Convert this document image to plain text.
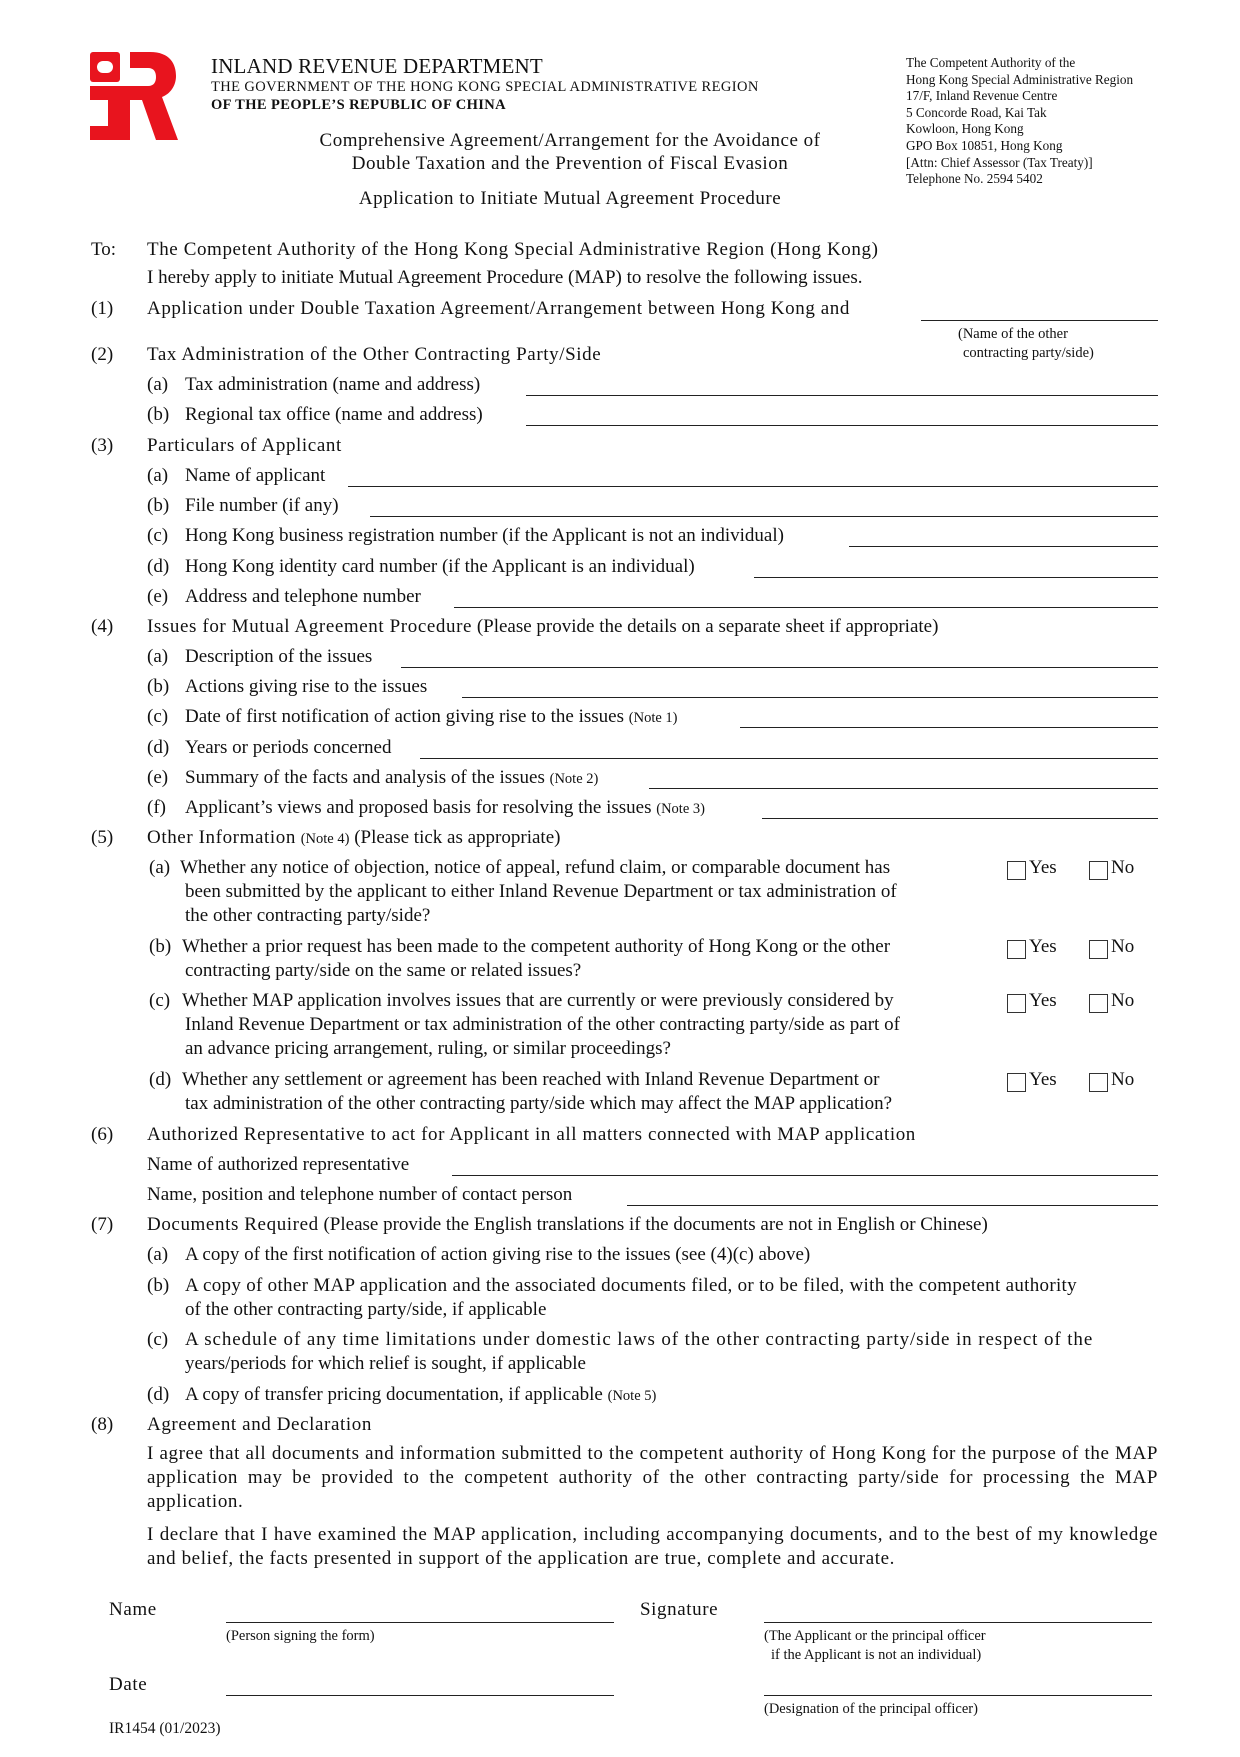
INLAND REVENUE DEPARTMENT
THE GOVERNMENT OF THE HONG KONG SPECIAL ADMINISTRATIVE REGION
OF THE PEOPLE’S REPUBLIC OF CHINA
The Competent Authority of the
Hong Kong Special Administrative Region
17/F, Inland Revenue Centre
5 Concorde Road, Kai Tak
Kowloon, Hong Kong
GPO Box 10851, Hong Kong
[Attn: Chief Assessor (Tax Treaty)]
Telephone No. 2594 5402
Comprehensive Agreement/Arrangement for the Avoidance of
Double Taxation and the Prevention of Fiscal Evasion
Application to Initiate Mutual Agreement Procedure
To: The Competent Authority of the Hong Kong Special Administrative Region (Hong Kong)
I hereby apply to initiate Mutual Agreement Procedure (MAP) to resolve the following issues.
(1) Application under Double Taxation Agreement/Arrangement between Hong Kong and
(Name of the other
contracting party/side)
(2) Tax Administration of the Other Contracting Party/Side
(a) Tax administration (name and address)
(b) Regional tax office (name and address)
(3) Particulars of Applicant
(a) Name of applicant
(b) File number (if any)
(c) Hong Kong business registration number (if the Applicant is not an individual)
(d) Hong Kong identity card number (if the Applicant is an individual)
(e) Address and telephone number
(4) Issues for Mutual Agreement Procedure (Please provide the details on a separate sheet if appropriate)
(a) Description of the issues
(b) Actions giving rise to the issues
(c) Date of first notification of action giving rise to the issues (Note 1)
(d) Years or periods concerned
(e) Summary of the facts and analysis of the issues (Note 2)
(f) Applicant’s views and proposed basis for resolving the issues (Note 3)
(5) Other Information (Note 4) (Please tick as appropriate)
(a) Whether any notice of objection, notice of appeal, refund claim, or comparable document has
been submitted by the applicant to either Inland Revenue Department or tax administration of
the other contracting party/side?
Yes	No
(b) Whether a prior request has been made to the competent authority of Hong Kong or the other
contracting party/side on the same or related issues?
Yes	No
(c) Whether MAP application involves issues that are currently or were previously considered by
Inland Revenue Department or tax administration of the other contracting party/side as part of
an advance pricing arrangement, ruling, or similar proceedings?
Yes	No
(d) Whether any settlement or agreement has been reached with Inland Revenue Department or
tax administration of the other contracting party/side which may affect the MAP application?
Yes	No
(6) Authorized Representative to act for Applicant in all matters connected with MAP application
Name of authorized representative
Name, position and telephone number of contact person
(7) Documents Required (Please provide the English translations if the documents are not in English or Chinese)
(a) A copy of the first notification of action giving rise to the issues (see (4)(c) above)
(b) A copy of other MAP application and the associated documents filed, or to be filed, with the competent authority
of the other contracting party/side, if applicable
(c) A schedule of any time limitations under domestic laws of the other contracting party/side in respect of the
years/periods for which relief is sought, if applicable
(d) A copy of transfer pricing documentation, if applicable (Note 5)
(8) Agreement and Declaration
I agree that all documents and information submitted to the competent authority of Hong Kong for the purpose of the MAP application may be provided to the competent authority of the other contracting party/side for processing the MAP application.
I declare that I have examined the MAP application, including accompanying documents, and to the best of my knowledge and belief, the facts presented in support of the application are true, complete and accurate.
Name
(Person signing the form)
Signature
(The Applicant or the principal officer
if the Applicant is not an individual)
Date
(Designation of the principal officer)
IR1454 (01/2023)
